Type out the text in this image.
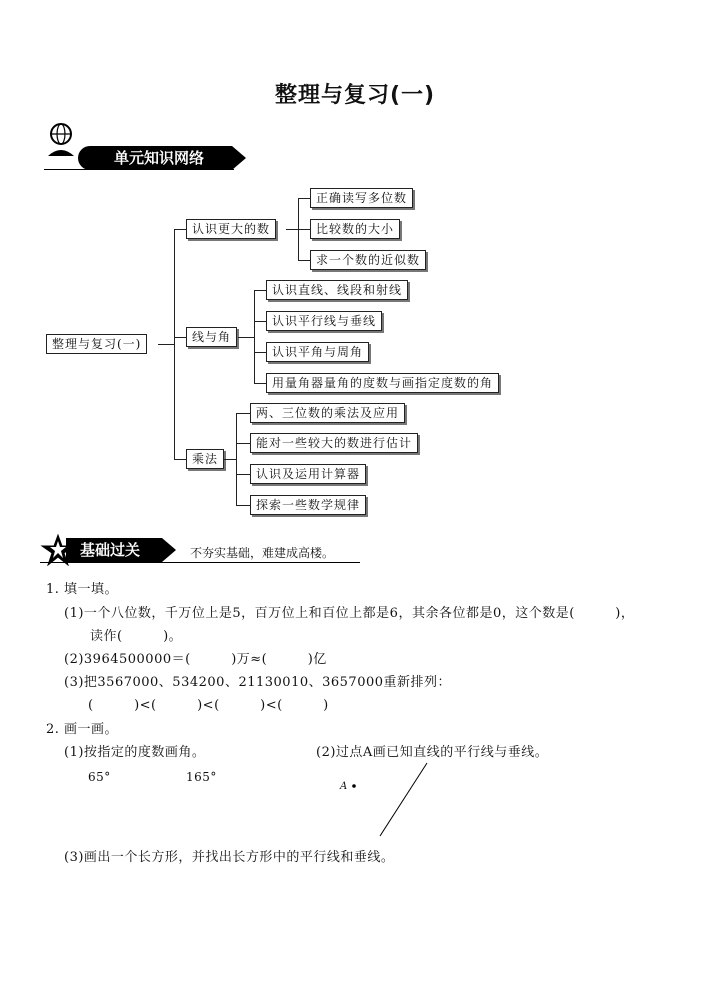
整理与复习(一)
单元知识网络
整理与复习(一)
认识更大的数
正确读写多位数
比较数的大小
求一个数的近似数
线与角
认识直线、线段和射线
认识平行线与垂线
认识平角与周角
用量角器量角的度数与画指定度数的角
乘法
两、三位数的乘法及应用
能对一些较大的数进行估计
认识及运用计算器
探索一些数学规律
基础过关	不夯实基础，难建成高楼。
1. 填一填。
(1)一个八位数，千万位上是5，百万位上和百位上都是6，其余各位都是0，这个数是(　　　)，
读作(　　　)。
(2)3964500000＝(　　　)万≈(　　　)亿
(3)把3567000、534200、21130010、3657000重新排列：
(　　　)<(　　　)<(　　　)<(　　　)
2. 画一画。
(1)按指定的度数画角。	(2)过点A画已知直线的平行线与垂线。
65°	165°
A
(3)画出一个长方形，并找出长方形中的平行线和垂线。
